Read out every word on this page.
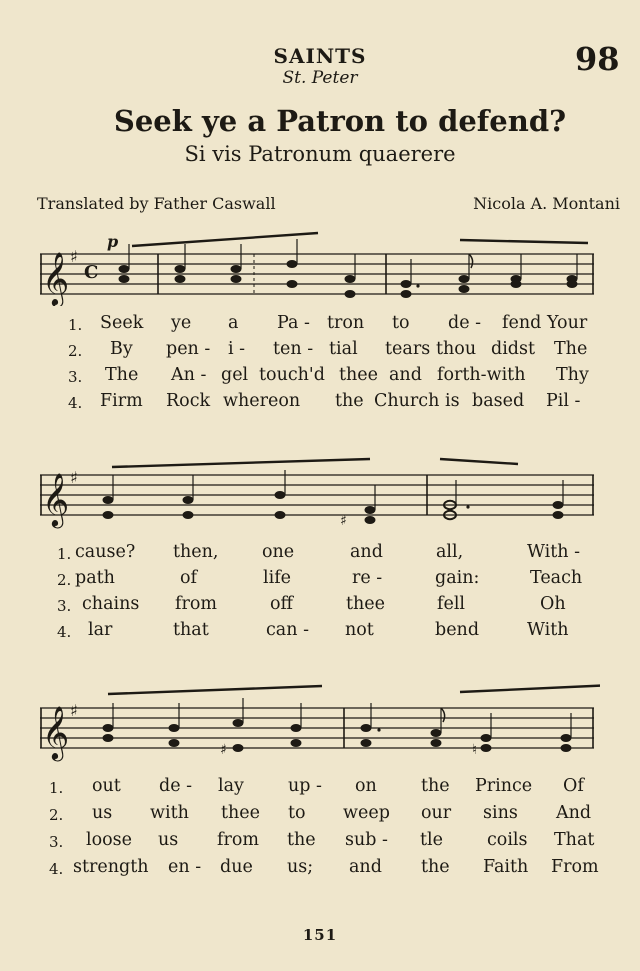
SAINTS
St. Peter	98
Seek ye a Patron to defend?
Si vis Patronum quaerere
Translated by Father Caswall	Nicola A. Montani
𝄞 ♯
C
p
𝄞 ♯
♯
𝄞 ♯
♯	♮
1.
2.
3.
4.
Seek ye a Pa - tron to de - fend Your
By pen - i - ten - tial tears thou didst The
The An - gel touch'd thee and forth-with Thy
Firm Rock whereon the Church is based Pil -
1.
2.
3.
4.
cause? then, one	and	all,	With -
path	of	life	re -	gain:	Teach
chains from	off	thee	fell	Oh
lar	that	can - not	bend	With
1.
2.
3.
4.
out de - lay	up - on	the Prince Of
us with thee to weep our sins And
loose us from the sub - tle	coils That
strength en - due us; and the Faith From
151
